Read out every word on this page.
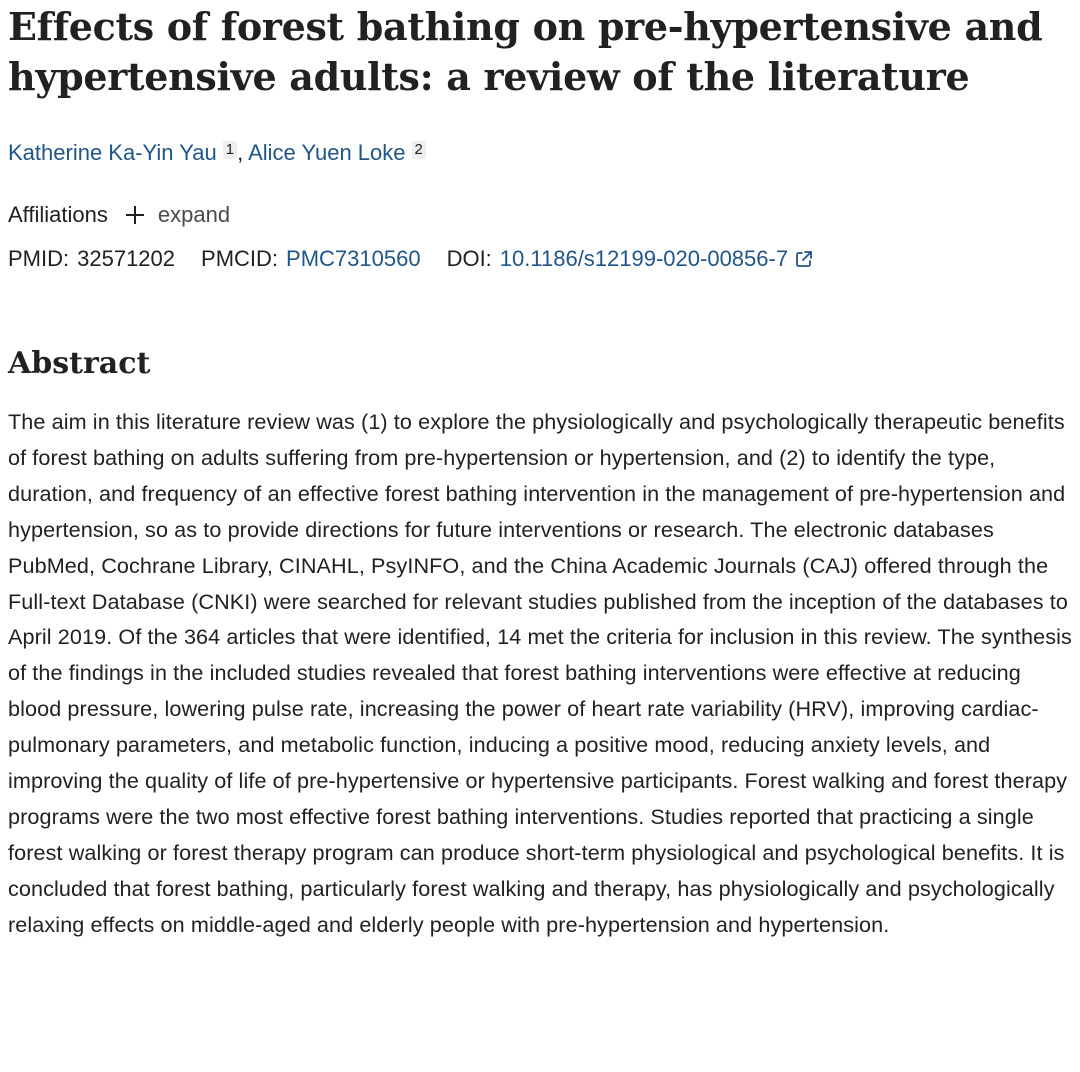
Effects of forest bathing on pre-hypertensive and hypertensive adults: a review of the literature
Katherine Ka-Yin Yau 1 , Alice Yuen Loke 2
Affiliations expand
PMID: 32571202 PMCID: PMC7310560 DOI: 10.1186/s12199-020-00856-7
Abstract

The aim in this literature review was (1) to explore the physiologically and psychologically therapeutic benefits of forest bathing on adults suffering from pre-hypertension or hypertension, and (2) to identify the type, duration, and frequency of an effective forest bathing intervention in the management of pre-hypertension and hypertension, so as to provide directions for future interventions or research. The electronic databases PubMed, Cochrane Library, CINAHL, PsyINFO, and the China Academic Journals (CAJ) offered through the Full-text Database (CNKI) were searched for relevant studies published from the inception of the databases to April 2019. Of the 364 articles that were identified, 14 met the criteria for inclusion in this review. The synthesis of the findings in the included studies revealed that forest bathing interventions were effective at reducing blood pressure, lowering pulse rate, increasing the power of heart rate variability (HRV), improving cardiac-pulmonary parameters, and metabolic function, inducing a positive mood, reducing anxiety levels, and improving the quality of life of pre-hypertensive or hypertensive participants. Forest walking and forest therapy programs were the two most effective forest bathing interventions. Studies reported that practicing a single forest walking or forest therapy program can produce short-term physiological and psychological benefits. It is concluded that forest bathing, particularly forest walking and therapy, has physiologically and psychologically relaxing effects on middle-aged and elderly people with pre-hypertension and hypertension.
